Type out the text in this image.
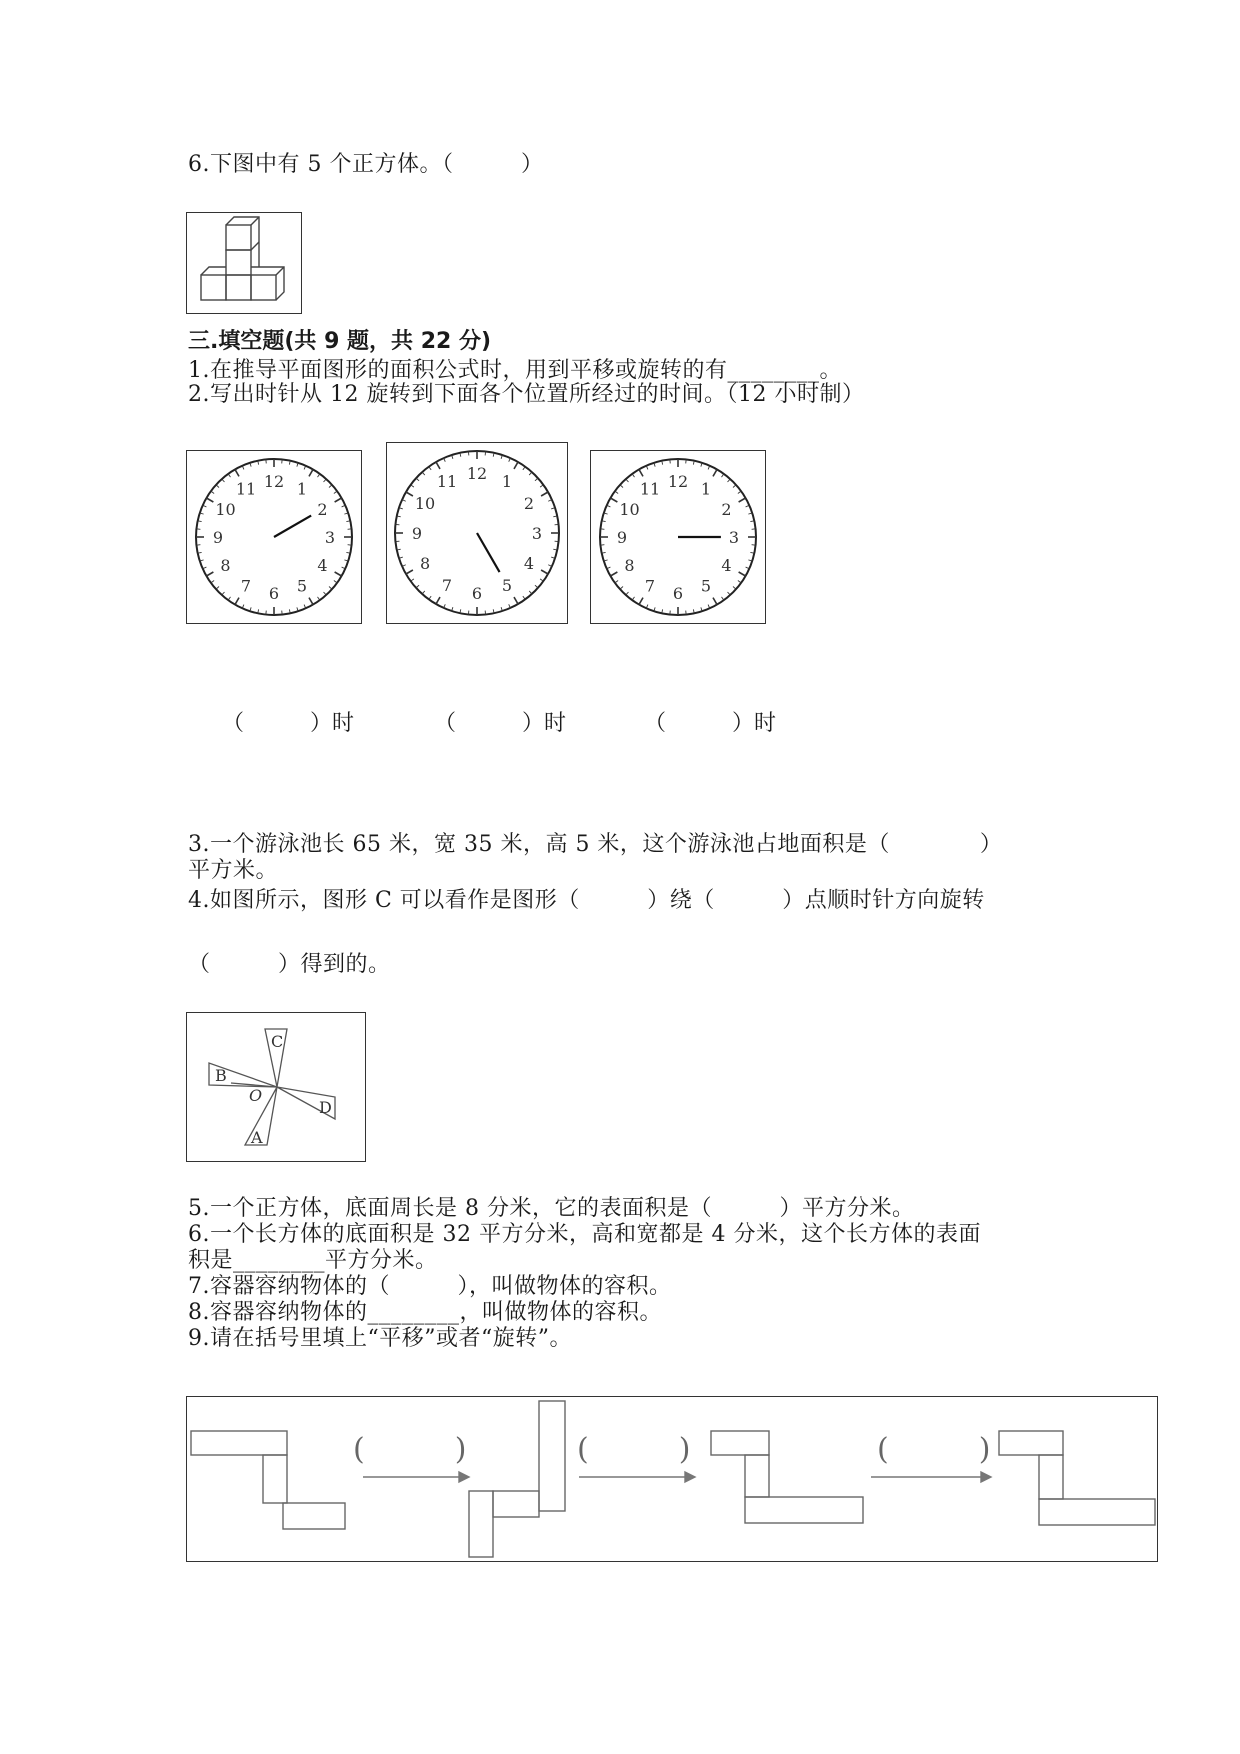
6.下图中有 5 个正方体。（　　　）
三.填空题(共 9 题，共 22 分)
1.在推导平面图形的面积公式时，用到平移或旋转的有________。
2.写出时针从 12 旋转到下面各个位置所经过的时间。（12 小时制）
12 1
2
3
4
5
6
7
8
9
10
11
12 1
2
3
4
5
6
7
8
9
10
11	12 1
2
3
4
5
6
7
8
9
10
11
（　　　）时	（　　　）时	（　　　）时
3.一个游泳池长 65 米，宽 35 米，高 5 米，这个游泳池占地面积是（　　　　）
平方米。
4.如图所示，图形 C 可以看作是图形（　　　）绕（　　　）点顺时针方向旋转
（　　　）得到的。
C
B
D
A
O
5.一个正方体，底面周长是 8 分米，它的表面积是（　　　）平方分米。
6.一个长方体的底面积是 32 平方分米，高和宽都是 4 分米，这个长方体的表面
积是________平方分米。
7.容器容纳物体的（　　　），叫做物体的容积。
8.容器容纳物体的________，叫做物体的容积。
9.请在括号里填上“平移”或者“旋转”。
(　　　)	(　　　)	(　　　)
